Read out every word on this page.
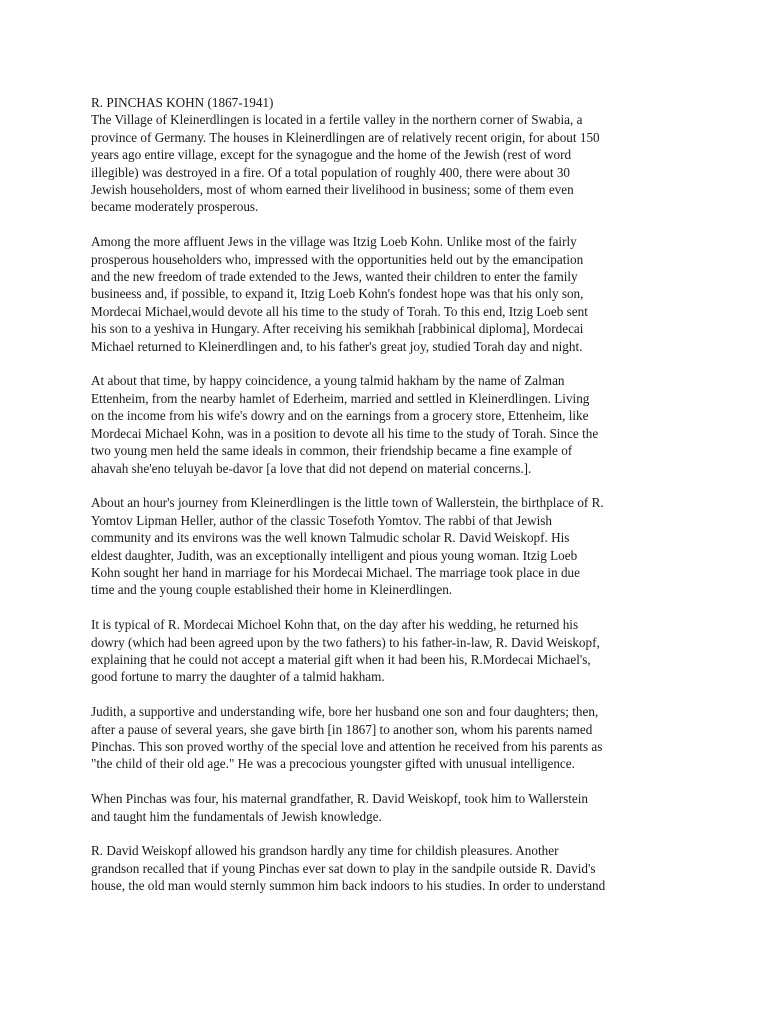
R. PINCHAS KOHN (1867-1941)
The Village of Kleinerdlingen is located in a fertile valley in the northern corner of Swabia, a
province of Germany. The houses in Kleinerdlingen are of relatively recent origin, for about 150
years ago entire village, except for the synagogue and the home of the Jewish (rest of word
illegible) was destroyed in a fire. Of a total population of roughly 400, there were about 30
Jewish householders, most of whom earned their livelihood in business; some of them even
became moderately prosperous.
Among the more affluent Jews in the village was Itzig Loeb Kohn. Unlike most of the fairly
prosperous householders who, impressed with the opportunities held out by the emancipation
and the new freedom of trade extended to the Jews, wanted their children to enter the family
busineess and, if possible, to expand it, Itzig Loeb Kohn's fondest hope was that his only son,
Mordecai Michael,would devote all his time to the study of Torah. To this end, Itzig Loeb sent
his son to a yeshiva in Hungary. After receiving his semikhah [rabbinical diploma], Mordecai
Michael returned to Kleinerdlingen and, to his father's great joy, studied Torah day and night.
At about that time, by happy coincidence, a young talmid hakham by the name of Zalman
Ettenheim, from the nearby hamlet of Ederheim, married and settled in Kleinerdlingen. Living
on the income from his wife's dowry and on the earnings from a grocery store, Ettenheim, like
Mordecai Michael Kohn, was in a position to devote all his time to the study of Torah. Since the
two young men held the same ideals in common, their friendship became a fine example of
ahavah she'eno teluyah be-davor [a love that did not depend on material concerns.].
About an hour's journey from Kleinerdlingen is the little town of Wallerstein, the birthplace of R.
Yomtov Lipman Heller, author of the classic Tosefoth Yomtov. The rabbi of that Jewish
community and its environs was the well known Talmudic scholar R. David Weiskopf. His
eldest daughter, Judith, was an exceptionally intelligent and pious young woman. Itzig Loeb
Kohn sought her hand in marriage for his Mordecai Michael. The marriage took place in due
time and the young couple established their home in Kleinerdlingen.
It is typical of R. Mordecai Michoel Kohn that, on the day after his wedding, he returned his
dowry (which had been agreed upon by the two fathers) to his father-in-law, R. David Weiskopf,
explaining that he could not accept a material gift when it had been his, R.Mordecai Michael's,
good fortune to marry the daughter of a talmid hakham.
Judith, a supportive and understanding wife, bore her husband one son and four daughters; then,
after a pause of several years, she gave birth [in 1867] to another son, whom his parents named
Pinchas. This son proved worthy of the special love and attention he received from his parents as
"the child of their old age." He was a precocious youngster gifted with unusual intelligence.
When Pinchas was four, his maternal grandfather, R. David Weiskopf, took him to Wallerstein
and taught him the fundamentals of Jewish knowledge.
R. David Weiskopf allowed his grandson hardly any time for childish pleasures. Another
grandson recalled that if young Pinchas ever sat down to play in the sandpile outside R. David's
house, the old man would sternly summon him back indoors to his studies. In order to understand
